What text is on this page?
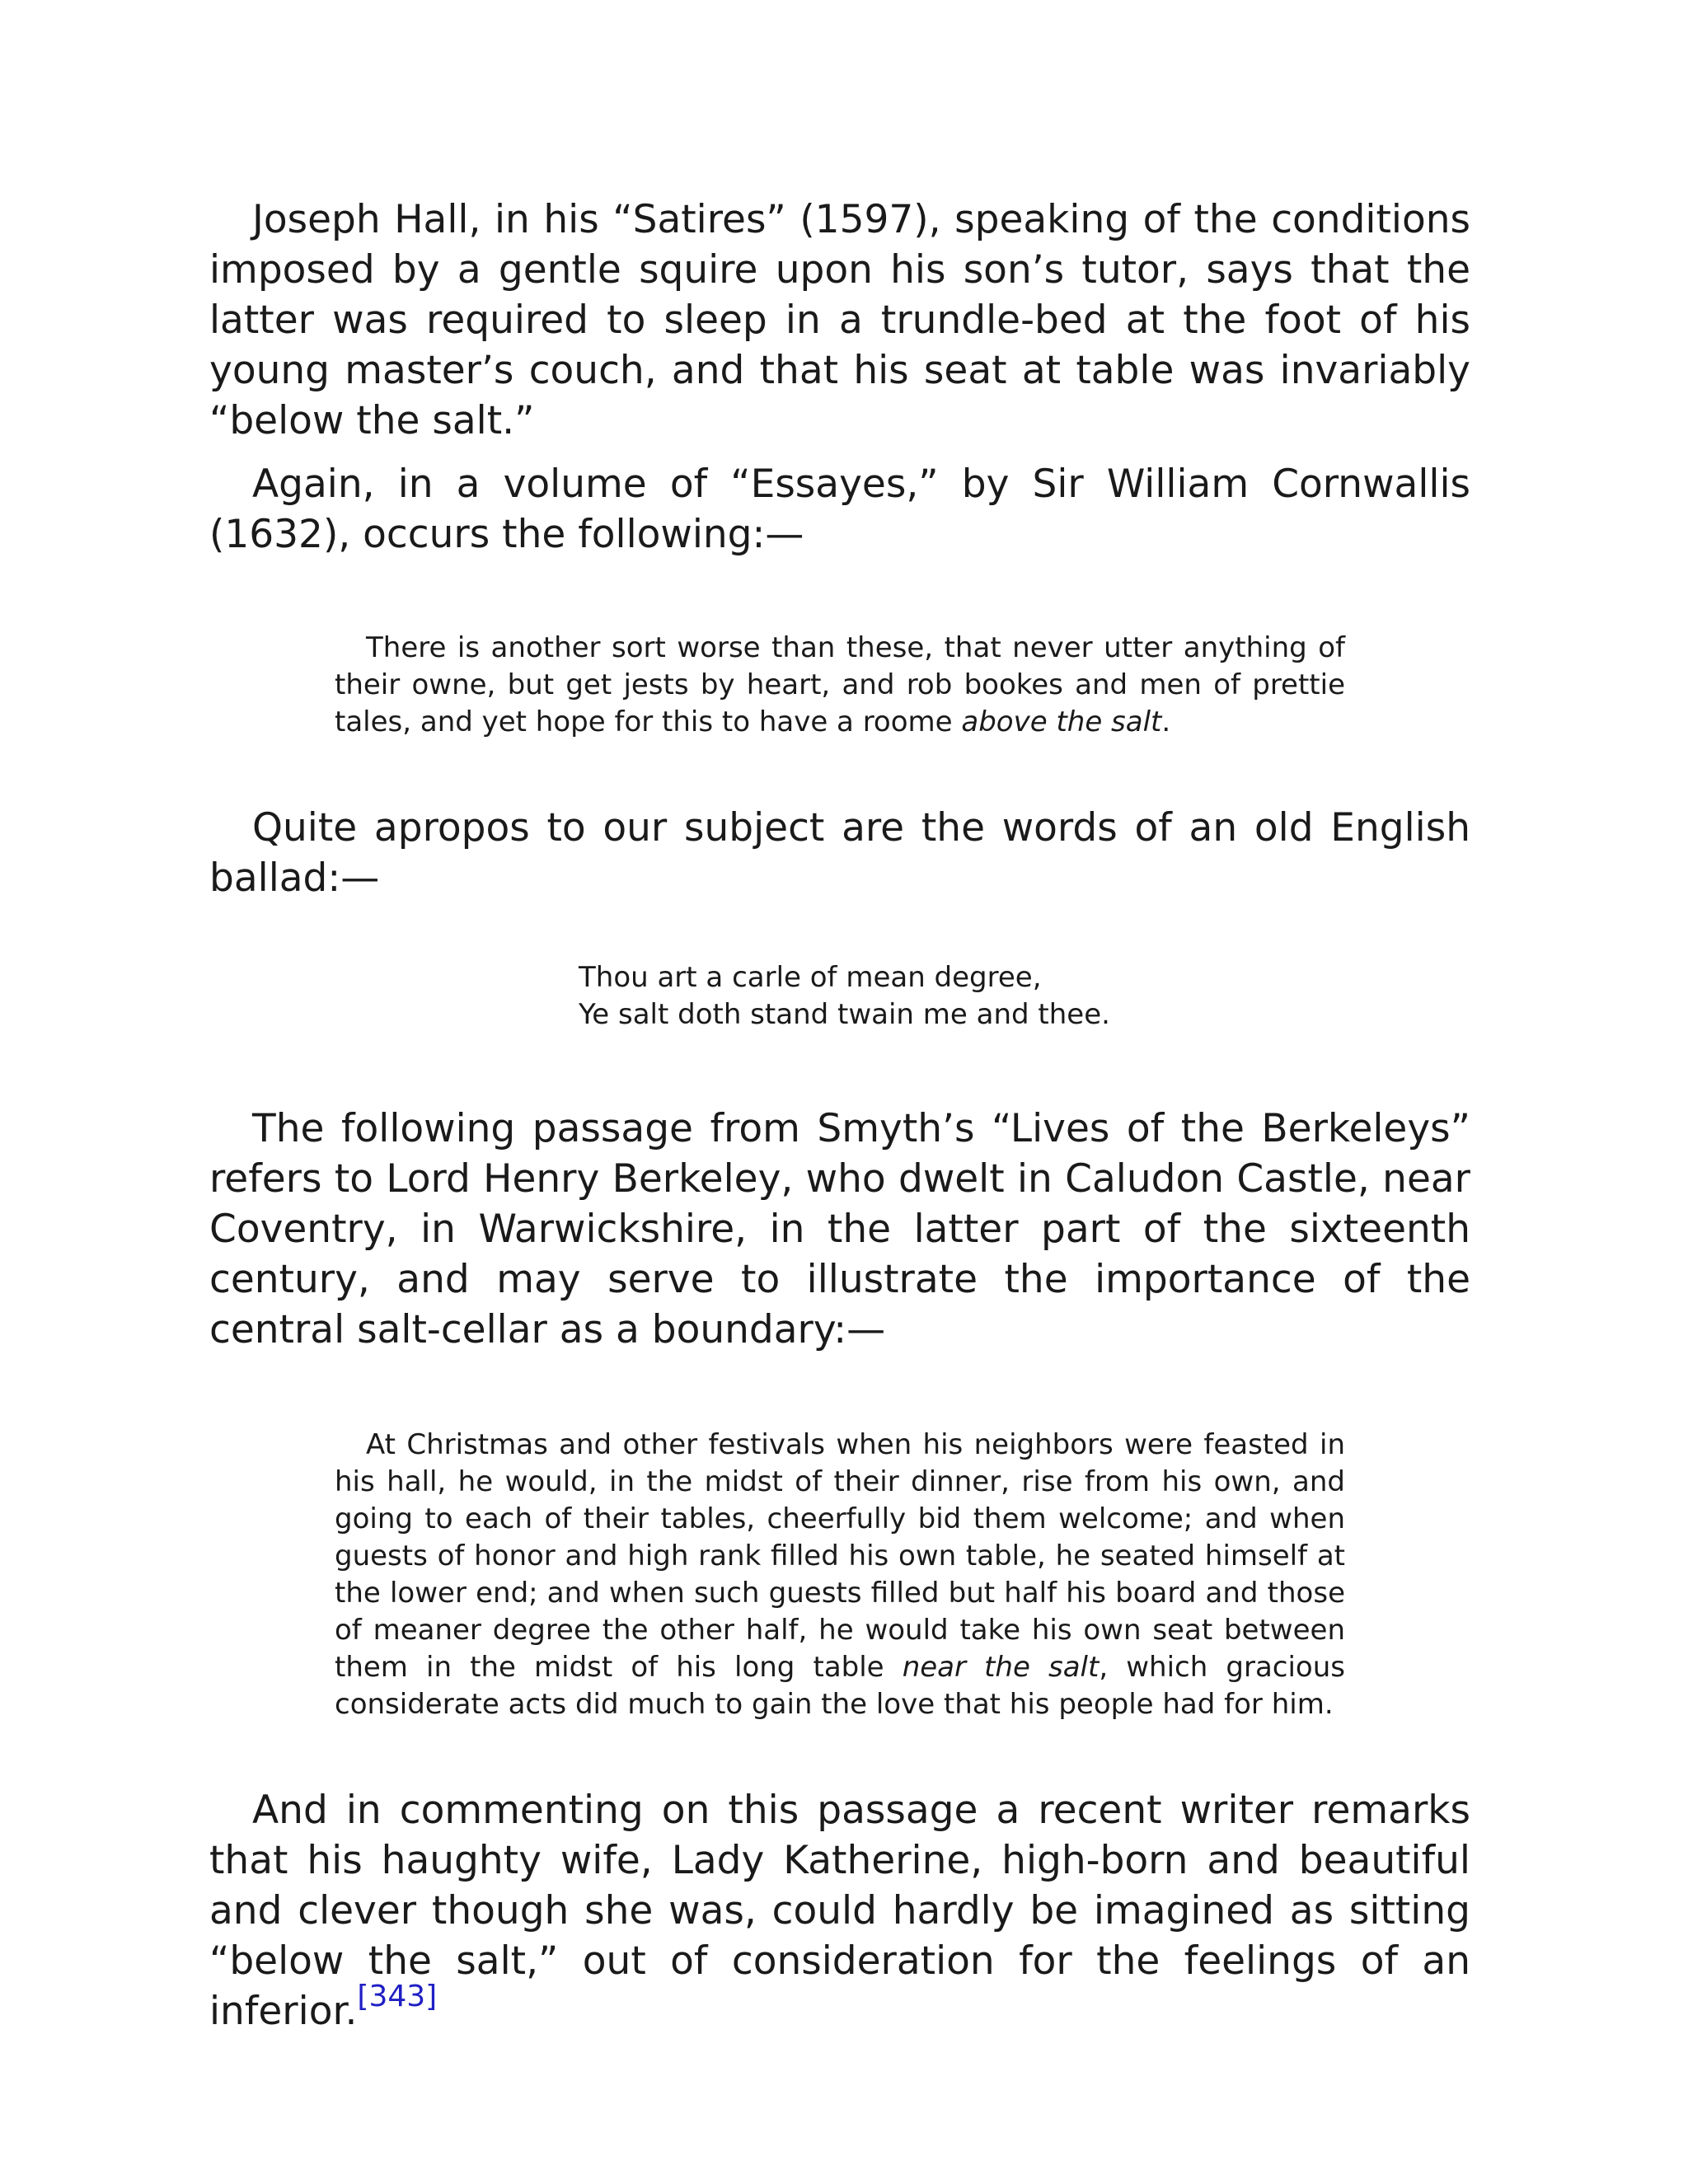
Joseph Hall, in his “Satires” (1597), speaking of the conditions imposed by a gentle squire upon his son’s tutor, says that the latter was required to sleep in a trundle-bed at the foot of his young master’s couch, and that his seat at table was invariably “below the salt.”

Again, in a volume of “Essayes,” by Sir William Cornwallis (1632), occurs the following:—

There is another sort worse than these, that never utter anything of their owne, but get jests by heart, and rob bookes and men of prettie tales, and yet hope for this to have a roome above the salt.

Quite apropos to our subject are the words of an old English ballad:—

Thou art a carle of mean degree,
Ye salt doth stand twain me and thee.

The following passage from Smyth’s “Lives of the Berkeleys” refers to Lord Henry Berkeley, who dwelt in Caludon Castle, near Coventry, in Warwickshire, in the latter part of the sixteenth century, and may serve to illustrate the importance of the central salt-cellar as a boundary:—

At Christmas and other festivals when his neighbors were feasted in his hall, he would, in the midst of their dinner, rise from his own, and going to each of their tables, cheerfully bid them welcome; and when guests of honor and high rank filled his own table, he seated himself at the lower end; and when such guests filled but half his board and those of meaner degree the other half, he would take his own seat between them in the midst of his long table near the salt, which gracious considerate acts did much to gain the love that his people had for him.

And in commenting on this passage a recent writer remarks that his haughty wife, Lady Katherine, high-born and beautiful and clever though she was, could hardly be imagined as sitting “below the salt,” out of consideration for the feelings of an inferior.[343]
